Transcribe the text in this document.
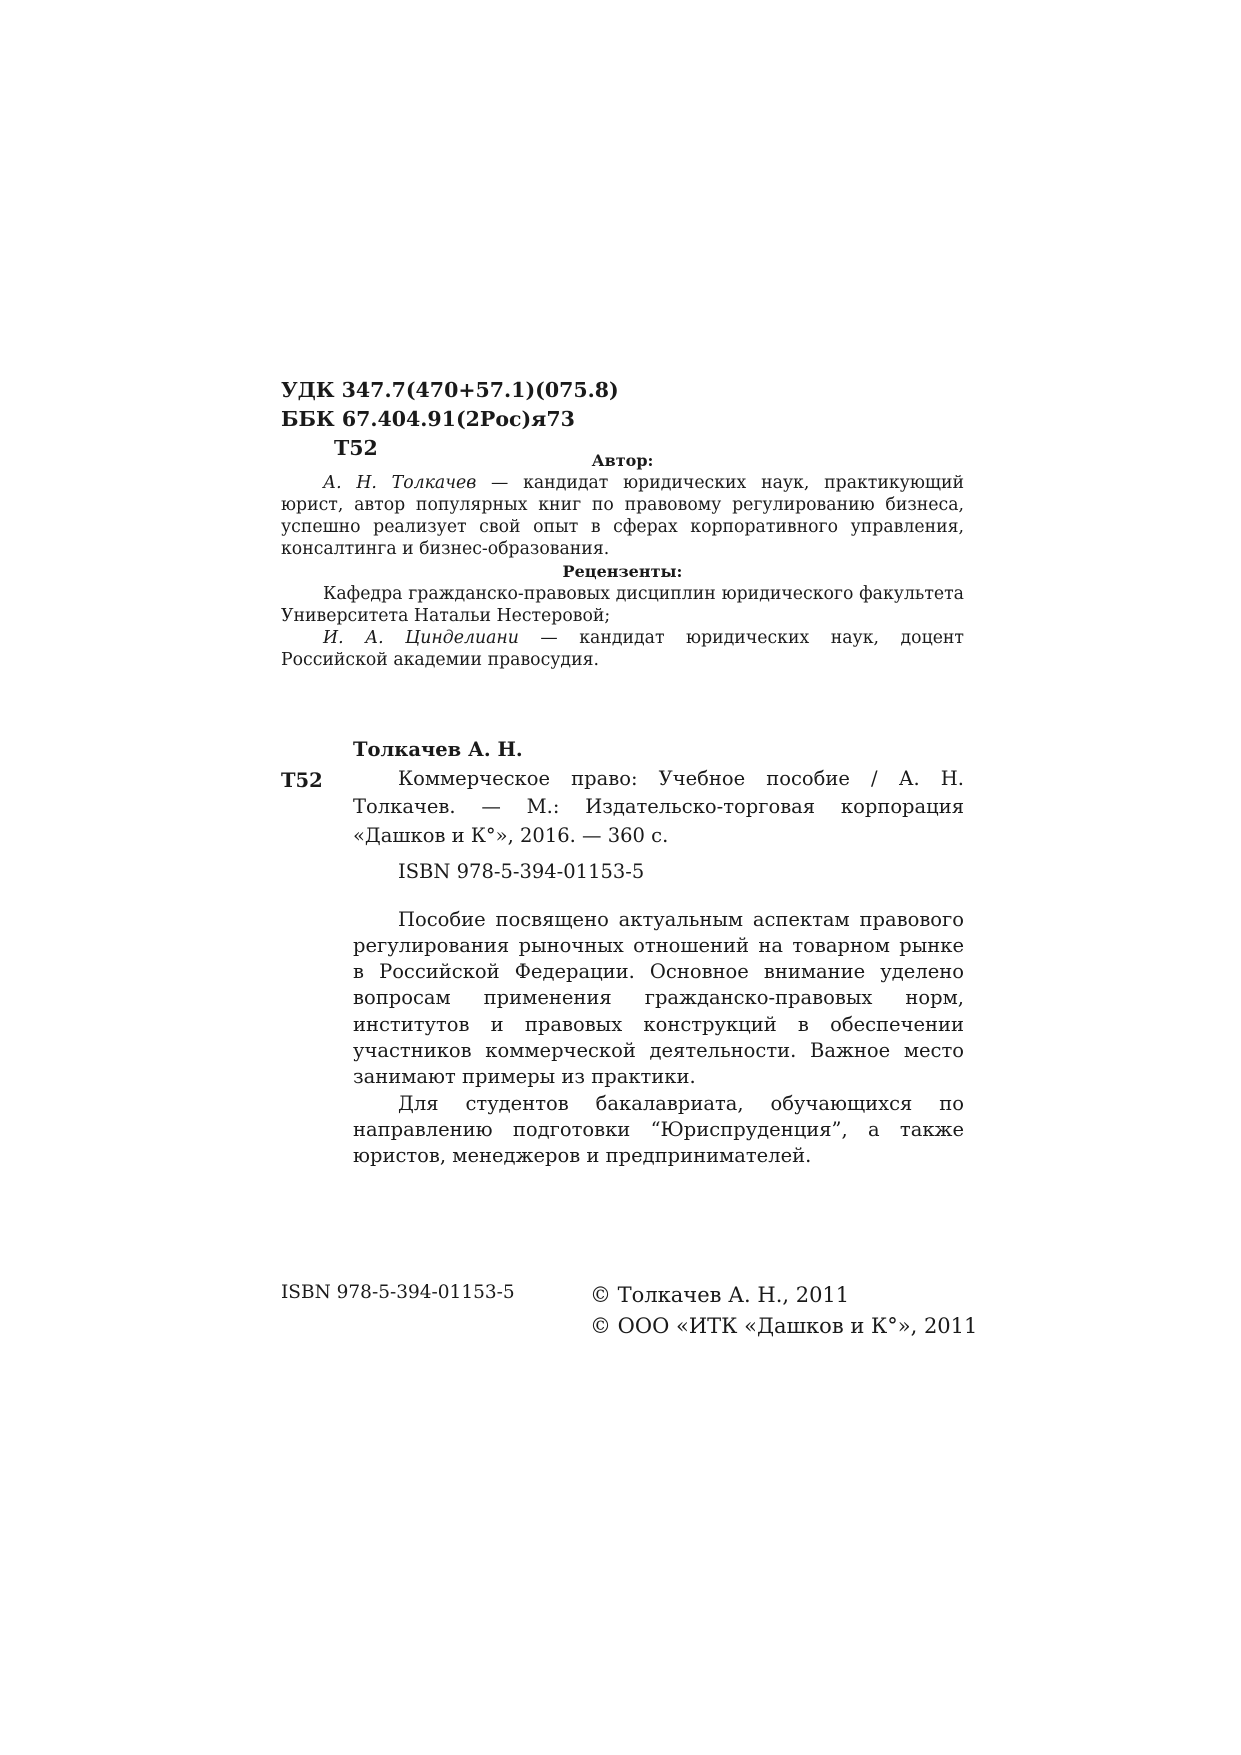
УДК 347.7(470+57.1)(075.8)
ББК 67.404.91(2Рос)я73
Т52
Автор:

А. Н. Толкачев — кандидат юридических наук, практикующий юрист, автор популярных книг по правовому регулированию бизнеса, успешно реализует свой опыт в сферах корпоративного управления, консалтинга и бизнес-образования.

Рецензенты:

Кафедра гражданско-правовых дисциплин юридического факультета Университета Натальи Нестеровой;

И. А. Цинделиани — кандидат юридических наук, доцент Российской академии правосудия.

Т52

Толкачев А. Н.

Коммерческое право: Учебное пособие / А. Н. Толкачев. — М.: Издательско-торговая корпорация «Дашков и К°», 2016. — 360 с.

ISBN 978-5-394-01153-5

Пособие посвящено актуальным аспектам правового регулирования рыночных отношений на товарном рынке в Российской Федерации. Основное внимание уделено вопросам применения гражданско-правовых норм, институтов и правовых конструкций в обеспечении участников коммерческой деятельности. Важное место занимают примеры из практики.

Для студентов бакалавриата, обучающихся по направлению подготовки “Юриспруденция”, а также юристов, менеджеров и предпринимателей.

ISBN 978-5-394-01153-5	© Толкачев А. Н., 2011
© ООО «ИТК «Дашков и К°», 2011
